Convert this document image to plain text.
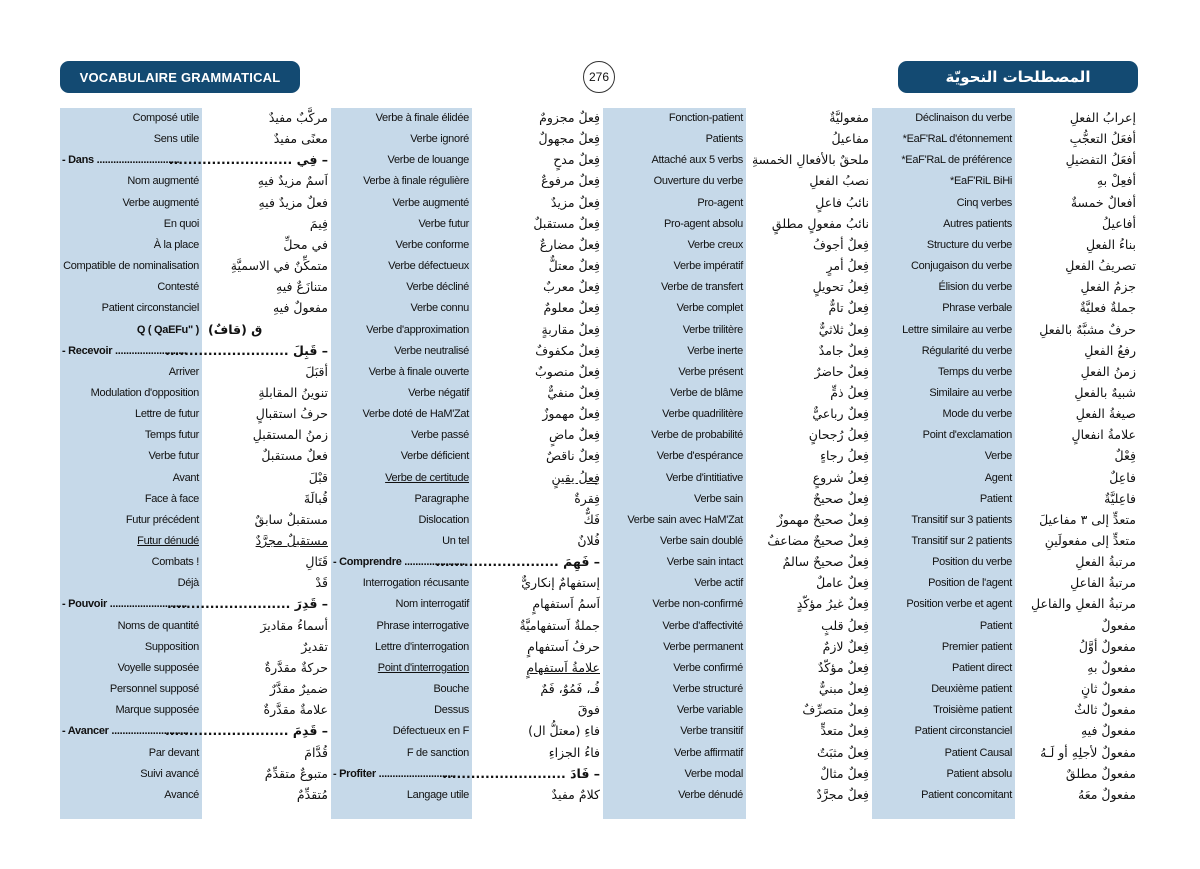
VOCABULAIRE GRAMMATICAL	276	المصطلحات النحويّة
Composé utile	مركَّبٌ مفيدٌ
Sens utile	معنًى مفيدٌ
- Dans ..............................
– فِي ..........................
Nom augmenté	اَسمٌ مزيدٌ فيهِ
Verbe augmenté	فعلٌ مزيدٌ فيهِ
En quoi	فِيمَ
À la place	في محلِّ
Compatible de nominalisation	متمكِّنٌ في الاسميَّةِ
Contesté	متنازَعٌ فيهِ
Patient circonstanciel	مفعولٌ فيهِ
Q ( QaEFu" ) ق (قافٌ)
- Recevoir ..........................
– قَبِلَ ..........................
Arriver	أقبَلَ
Modulation d'opposition	تنوينُ المقابلةِ
Lettre de futur	حرفُ استقبالٍ
Temps futur	زمنُ المستقبلِ
Verbe futur	فعلٌ مستقبلٌ
Avant	قبْلَ
Face à face	قُبالَةَ
Futur précédent	مستقبلٌ سابقٌ
Futur dénudé	مستقبلٌ مجرَّدٌ
Combats !	قَتَالِ
Déjà	قَدْ
- Pouvoir ............................
– قَدِرَ ..........................
Noms de quantité	أسماءُ مقاديرَ
Supposition	تقديرٌ
Voyelle supposée	حركةٌ مقدَّرةٌ
Personnel supposé	ضميرٌ مقدَّرٌ
Marque supposée	علامةٌ مقدَّرةٌ
- Avancer ............................
– قَدِمَ ..........................
Par devant	قُدَّامَ
Suivi avancé	متبوعٌ متقدِّمٌ
Avancé	مُتقدِّمٌ
Verbe à finale élidée	فِعلٌ مجزومٌ
Verbe ignoré	فِعلٌ مجهولٌ
Verbe de louange	فِعلٌ مدحٍ
Verbe à finale régulière	فِعلٌ مرفوعٌ
Verbe augmenté	فِعلٌ مزيدٌ
Verbe futur	فِعلٌ مستقبلٌ
Verbe conforme	فِعلٌ مضارعٌ
Verbe défectueux	فِعلٌ معتلٌّ
Verbe décliné	فِعلٌ معربٌ
Verbe connu	فِعلٌ معلومٌ
Verbe d'approximation	فِعلٌ مقاربةٍ
Verbe neutralisé	فِعلٌ مكفوفٌ
Verbe à finale ouverte	فِعلٌ منصوبٌ
Verbe négatif	فِعلٌ منفيٌّ
Verbe doté de HaM'Zat	فِعلٌ مهموزٌ
Verbe passé	فِعلٌ ماضٍ
Verbe déficient	فِعلٌ ناقصٌ
Verbe de certitude	فِعلُ يقينٍ
Paragraphe	فِقرةٌ
Dislocation	فَكٌّ
Un tel	فُلانٌ
- Comprendre ......................
– فَهِمَ ..........................
Interrogation récusante	إستفهامٌ إنكاريٌّ
Nom interrogatif	اَسمُ اَستفهامٍ
Phrase interrogative	جملةٌ اَستفهاميَّةٌ
Lettre d'interrogation	حرفُ اَستفهامٍ
Point d'interrogation	علامةُ اَستفهامٍ
Bouche	فُـ، فَمُوٌ، فَمٌ
Dessus	فوقَ
Défectueux en F	فاءِ (معتلُّ ال)
F de sanction	فاءُ الجزاءِ
- Profiter ............................
– فَادَ ..........................
Langage utile	كلامٌ مفيدٌ
Fonction-patient	مفعوليَّةٌ
Patients	مفاعيلُ
Attaché aux 5 verbs ملحقٌ بالأفعالِ الخمسةِ
Ouverture du verbe	نصبُ الفعلِ
Pro-agent	نائبُ فاعلٍ
Pro-agent absolu	نائبُ مفعولٍ مطلقٍ
Verbe creux	فِعلٌ أجوفُ
Verbe impératif	فِعلُ أمرٍ
Verbe de transfert	فِعلُ تحويلٍ
Verbe complet	فِعلٌ تامٌّ
Verbe trilitère	فِعلٌ ثلاثيٌّ
Verbe inerte	فِعلٌ جامدٌ
Verbe présent	فِعلٌ حاضرٌ
Verbe de blâme	فِعلُ ذمٍّ
Verbe quadrilitère	فِعلٌ رباعيٌّ
Verbe de probabilité	فِعلُ رُجحانٍ
Verbe d'espérance	فِعلُ رجاءٍ
Verbe d'intitiative	فِعلُ شروعٍ
Verbe sain	فِعلٌ صحيحٌ
Verbe sain avec HaM'Zat	فِعلٌ صحيحٌ مهموزٌ
Verbe sain doublé	فِعلٌ صحيحٌ مضاعفٌ
Verbe sain intact	فِعلٌ صحيحٌ سالمٌ
Verbe actif	فِعلٌ عاملٌ
Verbe non-confirmé	فِعلٌ غيرُ مؤكّدٍ
Verbe d'affectivité	فِعلُ قلبٍ
Verbe permanent	فِعلٌ لازمٌ
Verbe confirmé	فِعلٌ مؤكّدٌ
Verbe structuré	فِعلٌ مبنيٌّ
Verbe variable	فِعلٌ متصرِّفٌ
Verbe transitif	فِعلٌ متعدٍّ
Verbe affirmatif	فِعلٌ مثبَتٌ
Verbe modal	فِعلٌ مثالٌ
Verbe dénudé	فِعلٌ مجرَّدٌ
Déclinaison du verbe	إعرابُ الفعلِ
*EaF'RaL d'étonnement	أفعَلُ التعجُّبِ
*EaF'RaL de préférence	أفعَلُ التفضيلِ
*EaF'RiL BiHi	أفعِلْ بهِ
Cinq verbes	أفعالٌ خمسةٌ
Autres patients	أفاعيلُ
Structure du verbe	بناءُ الفعلِ
Conjugaison du verbe	تصريفُ الفعلِ
Élision du verbe	جزمُ الفعلِ
Phrase verbale	جملةٌ فعليَّةٌ
Lettre similaire au verbe	حرفٌ مشبَّهٌ بالفعلِ
Régularité du verbe	رفعُ الفعلِ
Temps du verbe	زمنُ الفعلِ
Similaire au verbe	شبيهٌ بالفعلِ
Mode du verbe	صيغةُ الفعلِ
Point d'exclamation	علامةُ انفعالٍ
Verbe	فِعْلٌ
Agent	فاعِلٌ
Patient	فاعِليَّةٌ
Transitif sur 3 patients	متعدٍّ إلى ٣ مفاعيلَ
Transitif sur 2 patients	متعدٍّ إلى مفعولَينِ
Position du verbe	مرتبةُ الفعلِ
Position de l'agent	مرتبةُ الفاعلِ
Position verbe et agent	مرتبةُ الفعلِ والفاعلِ
Patient	مفعولٌ
Premier patient	مفعولٌ أوَّلُ
Patient direct	مفعولٌ بهِ
Deuxième patient	مفعولٌ ثانٍ
Troisième patient	مفعولٌ ثالثٌ
Patient circonstanciel	مفعولٌ فيهِ
Patient Causal	مفعولٌ لأجلِهِ أو لَـهُ
Patient absolu	مفعولٌ مطلقٌ
Patient concomitant	مفعولٌ معَهُ
